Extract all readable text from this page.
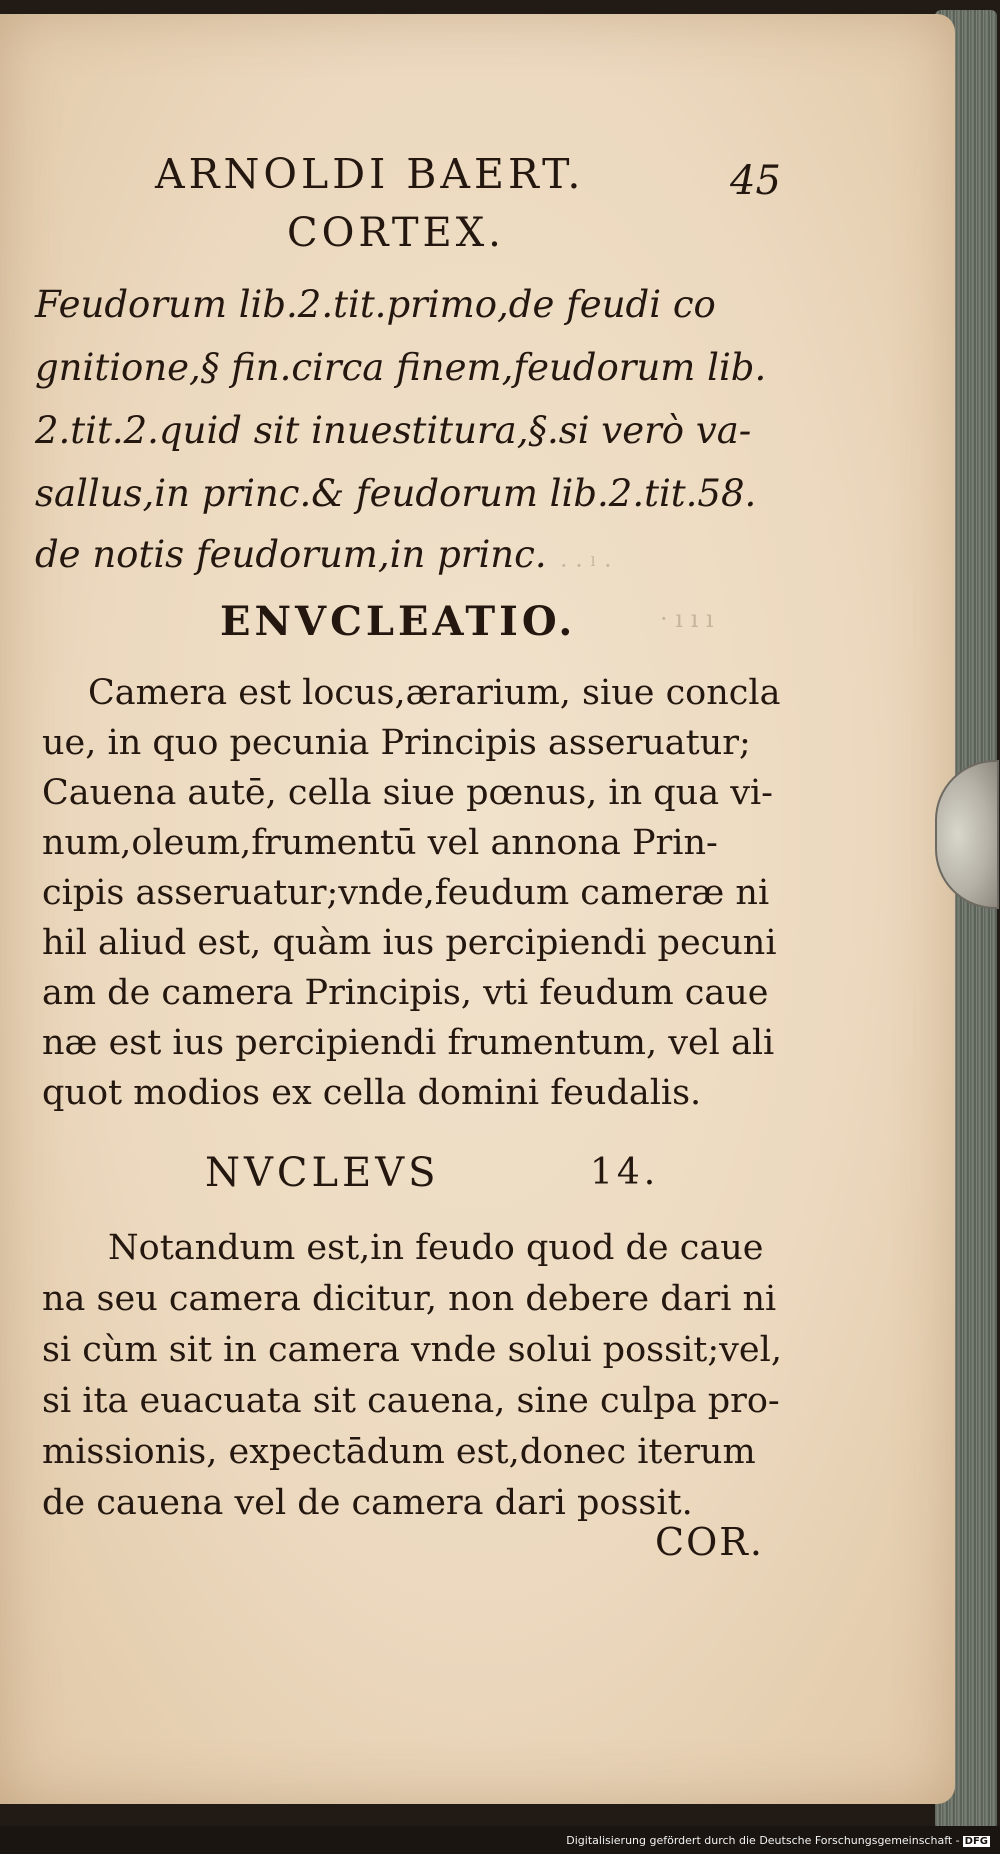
· · ˡ ·
· ı ı ı
ARNOLDI BAERT.	45
CORTEX.
Feudorum lib.2.tit.primo,de feudi co
gnitione,§ fin.circa finem,feudorum lib.
2.tit.2.quid sit inuestitura,§.si verò va-
sallus,in princ.& feudorum lib.2.tit.58.
de notis feudorum,in princ.
ENVCLEATIO.
Camera est locus,ærarium, siue concla
ue, in quo pecunia Principis asseruatur;
Cauena autē, cella siue pœnus, in qua vi-
num,oleum,frumentū vel annona Prin-
cipis asseruatur;vnde,feudum cameræ ni
hil aliud est, quàm ius percipiendi pecuni
am de camera Principis, vti feudum caue
næ est ius percipiendi frumentum, vel ali
quot modios ex cella domini feudalis.
NVCLEVS	14.
Notandum est,in feudo quod de caue
na seu camera dicitur, non debere dari ni
si cùm sit in camera vnde solui possit;vel,
si ita euacuata sit cauena, sine culpa pro-
missionis, expectādum est,donec iterum
de cauena vel de camera dari possit.
COR.
Digitalisierung gefördert durch die Deutsche Forschungsgemeinschaft - DFG
